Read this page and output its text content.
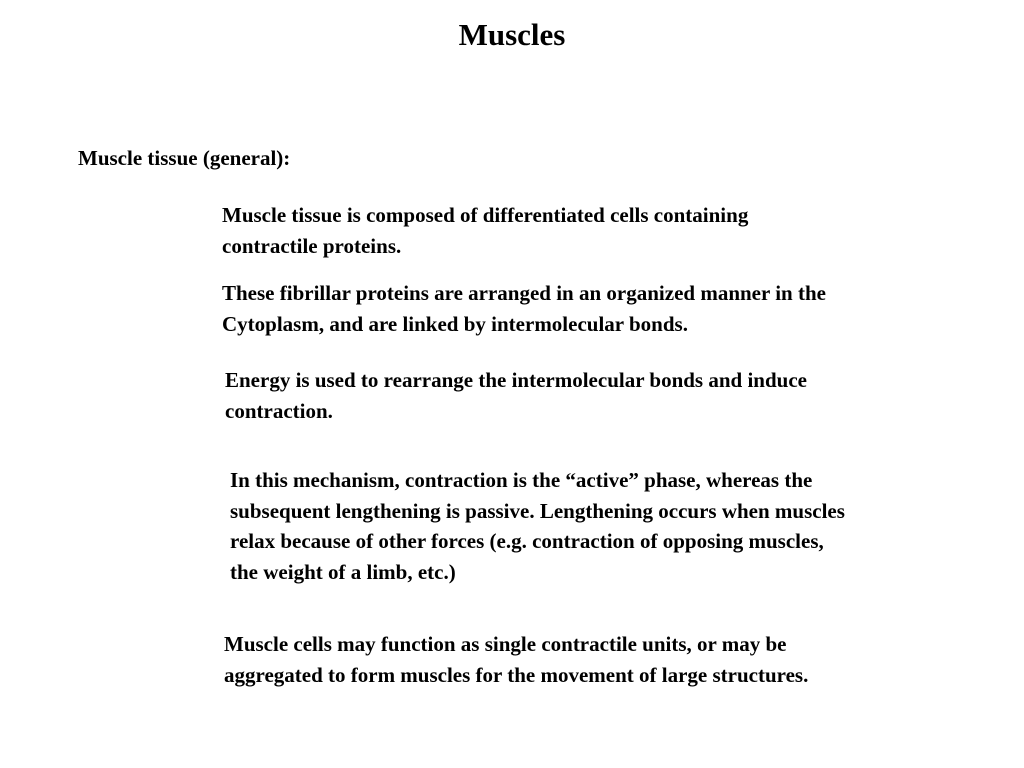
Muscles
Muscle tissue (general):

Muscle tissue is composed of differentiated cells containing
contractile proteins.

These fibrillar proteins are arranged in an organized manner in the
Cytoplasm, and are linked by intermolecular bonds.

Energy is used to rearrange the intermolecular bonds and induce
contraction.

In this mechanism, contraction is the “active” phase, whereas the
subsequent lengthening is passive. Lengthening occurs when muscles
relax because of other forces (e.g. contraction of opposing muscles,
the weight of a limb, etc.)

Muscle cells may function as single contractile units, or may be
aggregated to form muscles for the movement of large structures.
